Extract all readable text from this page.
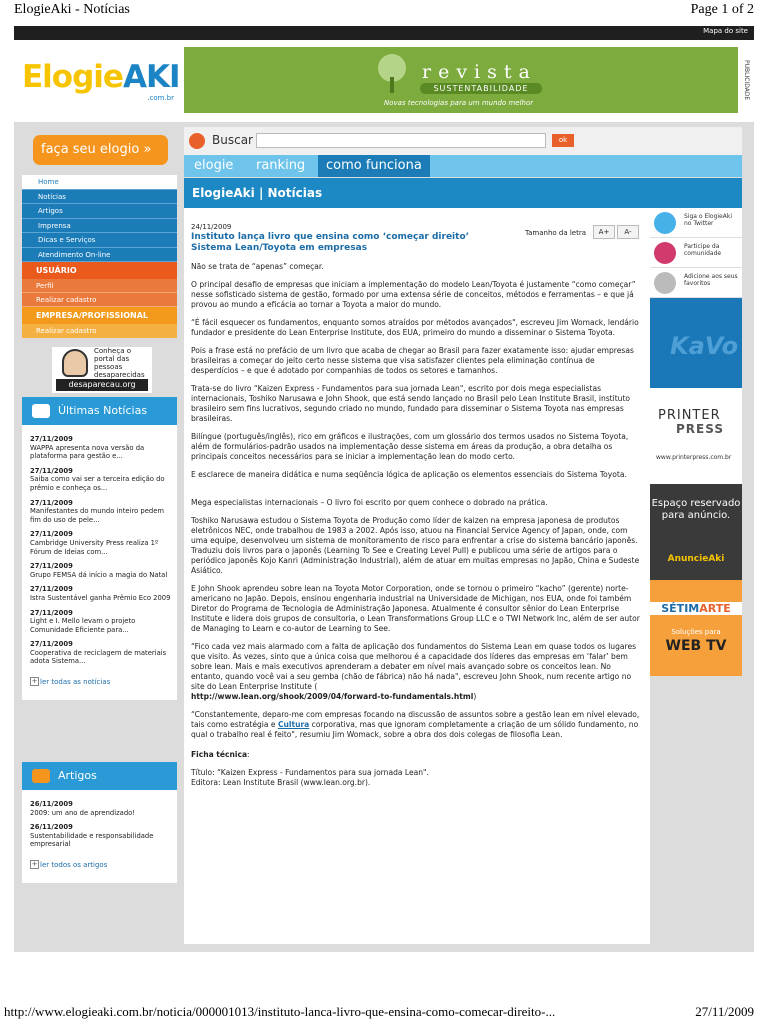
ElogieAki - Notícias	Page 1 of 2
Mapa do site
ElogieAKI
.com.br
revista
SUSTENTABILIDADE
Novas tecnologias para um mundo melhor
PUBLICIDADE
faça seu elogio »
Home
Notícias
Artigos
Imprensa
Dicas e Serviços
Atendimento On-line
USUÁRIO
Perfil
Realizar cadastro
EMPRESA/PROFISSIONAL
Realizar cadastro
Conheça o
portal das
pessoas
desaparecidas
desaparecau.org
Últimas Notícias
27/11/2009
WAPPA apresenta nova versão da plataforma para gestão e...
27/11/2009
Saiba como vai ser a terceira edição do prêmio e conheça os...
27/11/2009
Manifestantes do mundo inteiro pedem fim do uso de pele...
27/11/2009
Cambridge University Press realiza 1º Fórum de Ideias com...
27/11/2009
Grupo FEMSA dá início a magia do Natal
27/11/2009
Istra Sustentável ganha Prêmio Eco 2009
27/11/2009
Light e I. Mello levam o projeto Comunidade Eficiente para...
27/11/2009
Cooperativa de reciclagem de materiais adota Sistema...
+ ler todas as notícias
Artigos
26/11/2009
2009: um ano de aprendizado!
26/11/2009
Sustentabilidade e responsabilidade empresarial
+ ler todos os artigos
Buscar	ok
elogie	ranking	como funciona
ElogieAki | Notícias
24/11/2009
Instituto lança livro que ensina como ‘começar direito’ Sistema Lean/Toyota em empresas
Tamanho da letra	A+	A-

Não se trata de “apenas” começar.

O principal desafio de empresas que iniciam a implementação do modelo Lean/Toyota é justamente “como começar” nesse sofisticado sistema de gestão, formado por uma extensa série de conceitos, métodos e ferramentas – e que já provou ao mundo a eficácia ao tornar a Toyota a maior do mundo.

“É fácil esquecer os fundamentos, enquanto somos atraídos por métodos avançados", escreveu Jim Womack, lendário fundador e presidente do Lean Enterprise Institute, dos EUA, primeiro do mundo a disseminar o Sistema Toyota.

Pois a frase está no prefácio de um livro que acaba de chegar ao Brasil para fazer exatamente isso: ajudar empresas brasileiras a começar do jeito certo nesse sistema que visa satisfazer clientes pela eliminação contínua de desperdícios – e que é adotado por companhias de todos os setores e tamanhos.

Trata-se do livro “Kaizen Express - Fundamentos para sua jornada Lean", escrito por dois mega especialistas internacionais, Toshiko Narusawa e John Shook, que está sendo lançado no Brasil pelo Lean Institute Brasil, instituto brasileiro sem fins lucrativos, segundo criado no mundo, fundado para disseminar o Sistema Toyota nas empresas brasileiras.

Bilíngue (português/inglês), rico em gráficos e ilustrações, com um glossário dos termos usados no Sistema Toyota, além de formulários-padrão usados na implementação desse sistema em áreas da produção, a obra detalha os principais conceitos necessários para se iniciar a implementação lean do modo certo.

E esclarece de maneira didática e numa seqüência lógica de aplicação os elementos essenciais do Sistema Toyota.

Mega especialistas internacionais – O livro foi escrito por quem conhece o dobrado na prática.

Toshiko Narusawa estudou o Sistema Toyota de Produção como líder de kaizen na empresa japonesa de produtos eletrônicos NEC, onde trabalhou de 1983 a 2002. Após isso, atuou na Financial Service Agency of Japan, onde, com uma equipe, desenvolveu um sistema de monitoramento de risco para enfrentar a crise do sistema bancário japonês. Traduziu dois livros para o japonês (Learning To See e Creating Level Pull) e publicou uma série de artigos para o periódico japonês Kojo Kanri (Administração Industrial), além de atuar em muitas empresas no Japão, China e Sudeste Asiático.

E John Shook aprendeu sobre lean na Toyota Motor Corporation, onde se tornou o primeiro “kacho” (gerente) norte-americano no Japão. Depois, ensinou engenharia industrial na Universidade de Michigan, nos EUA, onde foi também Diretor do Programa de Tecnologia de Administração Japonesa. Atualmente é consultor sênior do Lean Enterprise Institute e lidera dois grupos de consultoria, o Lean Transformations Group LLC e o TWI Network Inc, além de ser autor de Managing to Learn e co-autor de Learning to See.

“Fico cada vez mais alarmado com a falta de aplicação dos fundamentos do Sistema Lean em quase todos os lugares que visito. Às vezes, sinto que a única coisa que melhorou é a capacidade dos líderes das empresas em ‘falar’ bem sobre lean. Mais e mais executivos aprenderam a debater em nível mais avançado sobre os conceitos lean. No entanto, quando você vai a seu gemba (chão de fábrica) não há nada", escreveu John Shook, num recente artigo no site do Lean Enterprise Institute (
http://www.lean.org/shook/2009/04/forward-to-fundamentals.html)

“Constantemente, deparo-me com empresas focando na discussão de assuntos sobre a gestão lean em nível elevado, tais como estratégia e Cultura corporativa, mas que ignoram completamente a criação de um sólido fundamento, no qual o trabalho real é feito", resumiu Jim Womack, sobre a obra dos dois colegas de filosofia Lean.

Ficha técnica:

Título: “Kaizen Express - Fundamentos para sua jornada Lean".

Editora: Lean Institute Brasil (www.lean.org.br).
Siga o ElogieAki no Twitter
Participe da comunidade
Adicione aos seus favoritos
KaVo
PRINTER
PRESS
www.printerpress.com.br
Espaço reservado para anúncio.
AnuncieAki
SÉTIMARTE
Soluções para
WEB TV
http://www.elogieaki.com.br/noticia/000001013/instituto-lanca-livro-que-ensina-como-comecar-direito-...	27/11/2009
